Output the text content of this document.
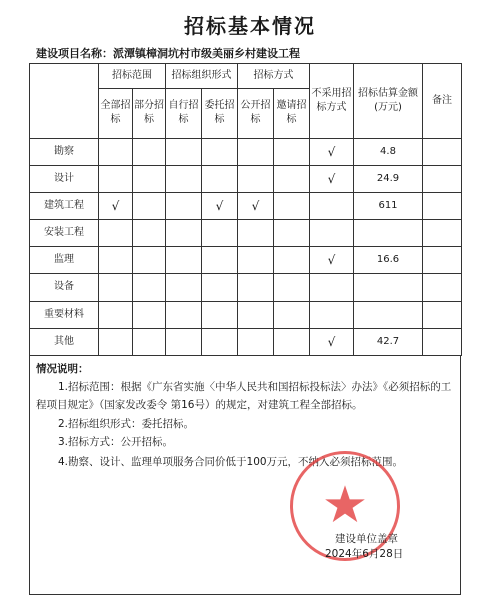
招标基本情况
建设项目名称：派潭镇樟洞坑村市级美丽乡村建设工程
	招标范围		招标组织形式		招标方式		不采用招标方式	招标估算金额(万元)	备注
	全部招标	部分招标	自行招标	委托招标	公开招标	邀请招标			
勘察							√	4.8	
设计							√	24.9	
建筑工程	√			√	√			611	
安装工程									
监理							√	16.6	
设备									
重要材料									
其他							√	42.7	
情况说明：
1.招标范围：根据《广东省实施〈中华人民共和国招标投标法〉办法》《必须招标的工程项目规定》（国家发改委令 第16号）的规定，对建筑工程全部招标。
2.招标组织形式：委托招标。
3.招标方式：公开招标。
4.勘察、设计、监理单项服务合同价低于100万元，不纳入必须招标范围。
建设单位盖章
2024年6月28日
